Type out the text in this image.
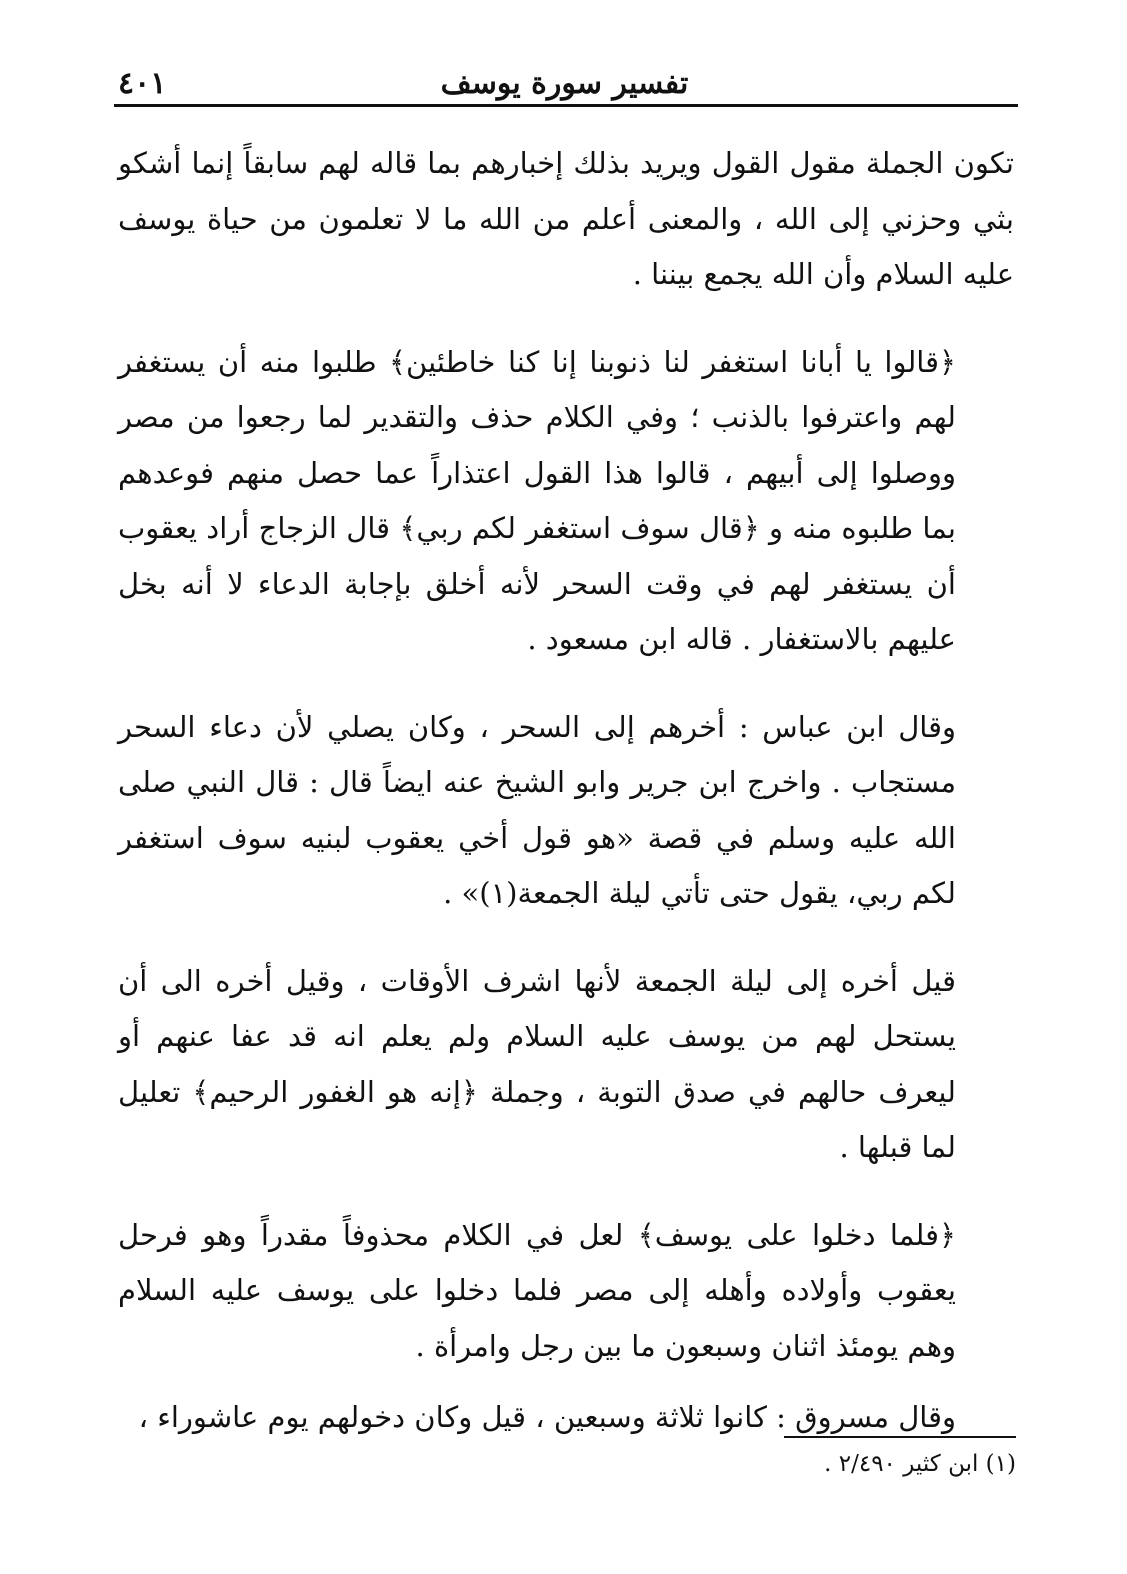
تفسير سورة يوسف
٤٠١

تكون الجملة مقول القول ويريد بذلك إخبارهم بما قاله لهم سابقاً إنما أشكو بثي وحزني إلى الله ، والمعنى أعلم من الله ما لا تعلمون من حياة يوسف عليه السلام وأن الله يجمع بيننا .

﴿قالوا يا أبانا استغفر لنا ذنوبنا إنا كنا خاطئين﴾ طلبوا منه أن يستغفر لهم واعترفوا بالذنب ؛ وفي الكلام حذف والتقدير لما رجعوا من مصر ووصلوا إلى أبيهم ، قالوا هذا القول اعتذاراً عما حصل منهم فوعدهم بما طلبوه منه و ﴿قال سوف استغفر لكم ربي﴾ قال الزجاج أراد يعقوب أن يستغفر لهم في وقت السحر لأنه أخلق بإجابة الدعاء لا أنه بخل عليهم بالاستغفار . قاله ابن مسعود .

وقال ابن عباس : أخرهم إلى السحر ، وكان يصلي لأن دعاء السحر مستجاب . واخرج ابن جرير وابو الشيخ عنه ايضاً قال : قال النبي صلى الله عليه وسلم في قصة «هو قول أخي يعقوب لبنيه سوف استغفر لكم ربي، يقول حتى تأتي ليلة الجمعة(١)» .

قيل أخره إلى ليلة الجمعة لأنها اشرف الأوقات ، وقيل أخره الى أن يستحل لهم من يوسف عليه السلام ولم يعلم انه قد عفا عنهم أو ليعرف حالهم في صدق التوبة ، وجملة ﴿إنه هو الغفور الرحيم﴾ تعليل لما قبلها .

﴿فلما دخلوا على يوسف﴾ لعل في الكلام محذوفاً مقدراً وهو فرحل يعقوب وأولاده وأهله إلى مصر فلما دخلوا على يوسف عليه السلام وهم يومئذ اثنان وسبعون ما بين رجل وامرأة .

وقال مسروق : كانوا ثلاثة وسبعين ، قيل وكان دخولهم يوم عاشوراء ،

(١) ابن كثير ٢/٤٩٠ .
